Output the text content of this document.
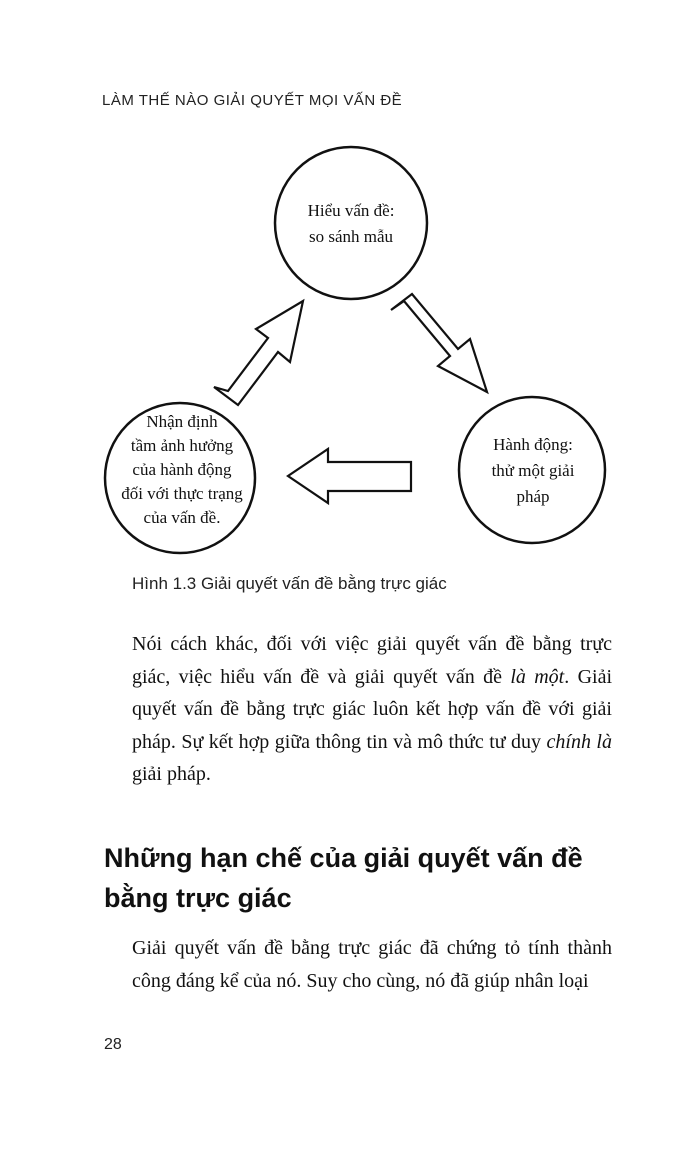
LÀM THẾ NÀO GIẢI QUYẾT MỌI VẤN ĐỀ
Hiểu vấn đề:
so sánh mẫu
Hành động:
thử một giải
pháp
Nhận định
tầm ảnh hưởng
của hành động
đối với thực trạng
của vấn đề.
Hình 1.3 Giải quyết vấn đề bằng trực giác

Nói cách khác, đối với việc giải quyết vấn đề bằng trực giác, việc hiểu vấn đề và giải quyết vấn đề là một. Giải quyết vấn đề bằng trực giác luôn kết hợp vấn đề với giải pháp. Sự kết hợp giữa thông tin và mô thức tư duy chính là giải pháp.

Những hạn chế của giải quyết vấn đề bằng trực giác

Giải quyết vấn đề bằng trực giác đã chứng tỏ tính thành công đáng kể của nó. Suy cho cùng, nó đã giúp nhân loại

28
